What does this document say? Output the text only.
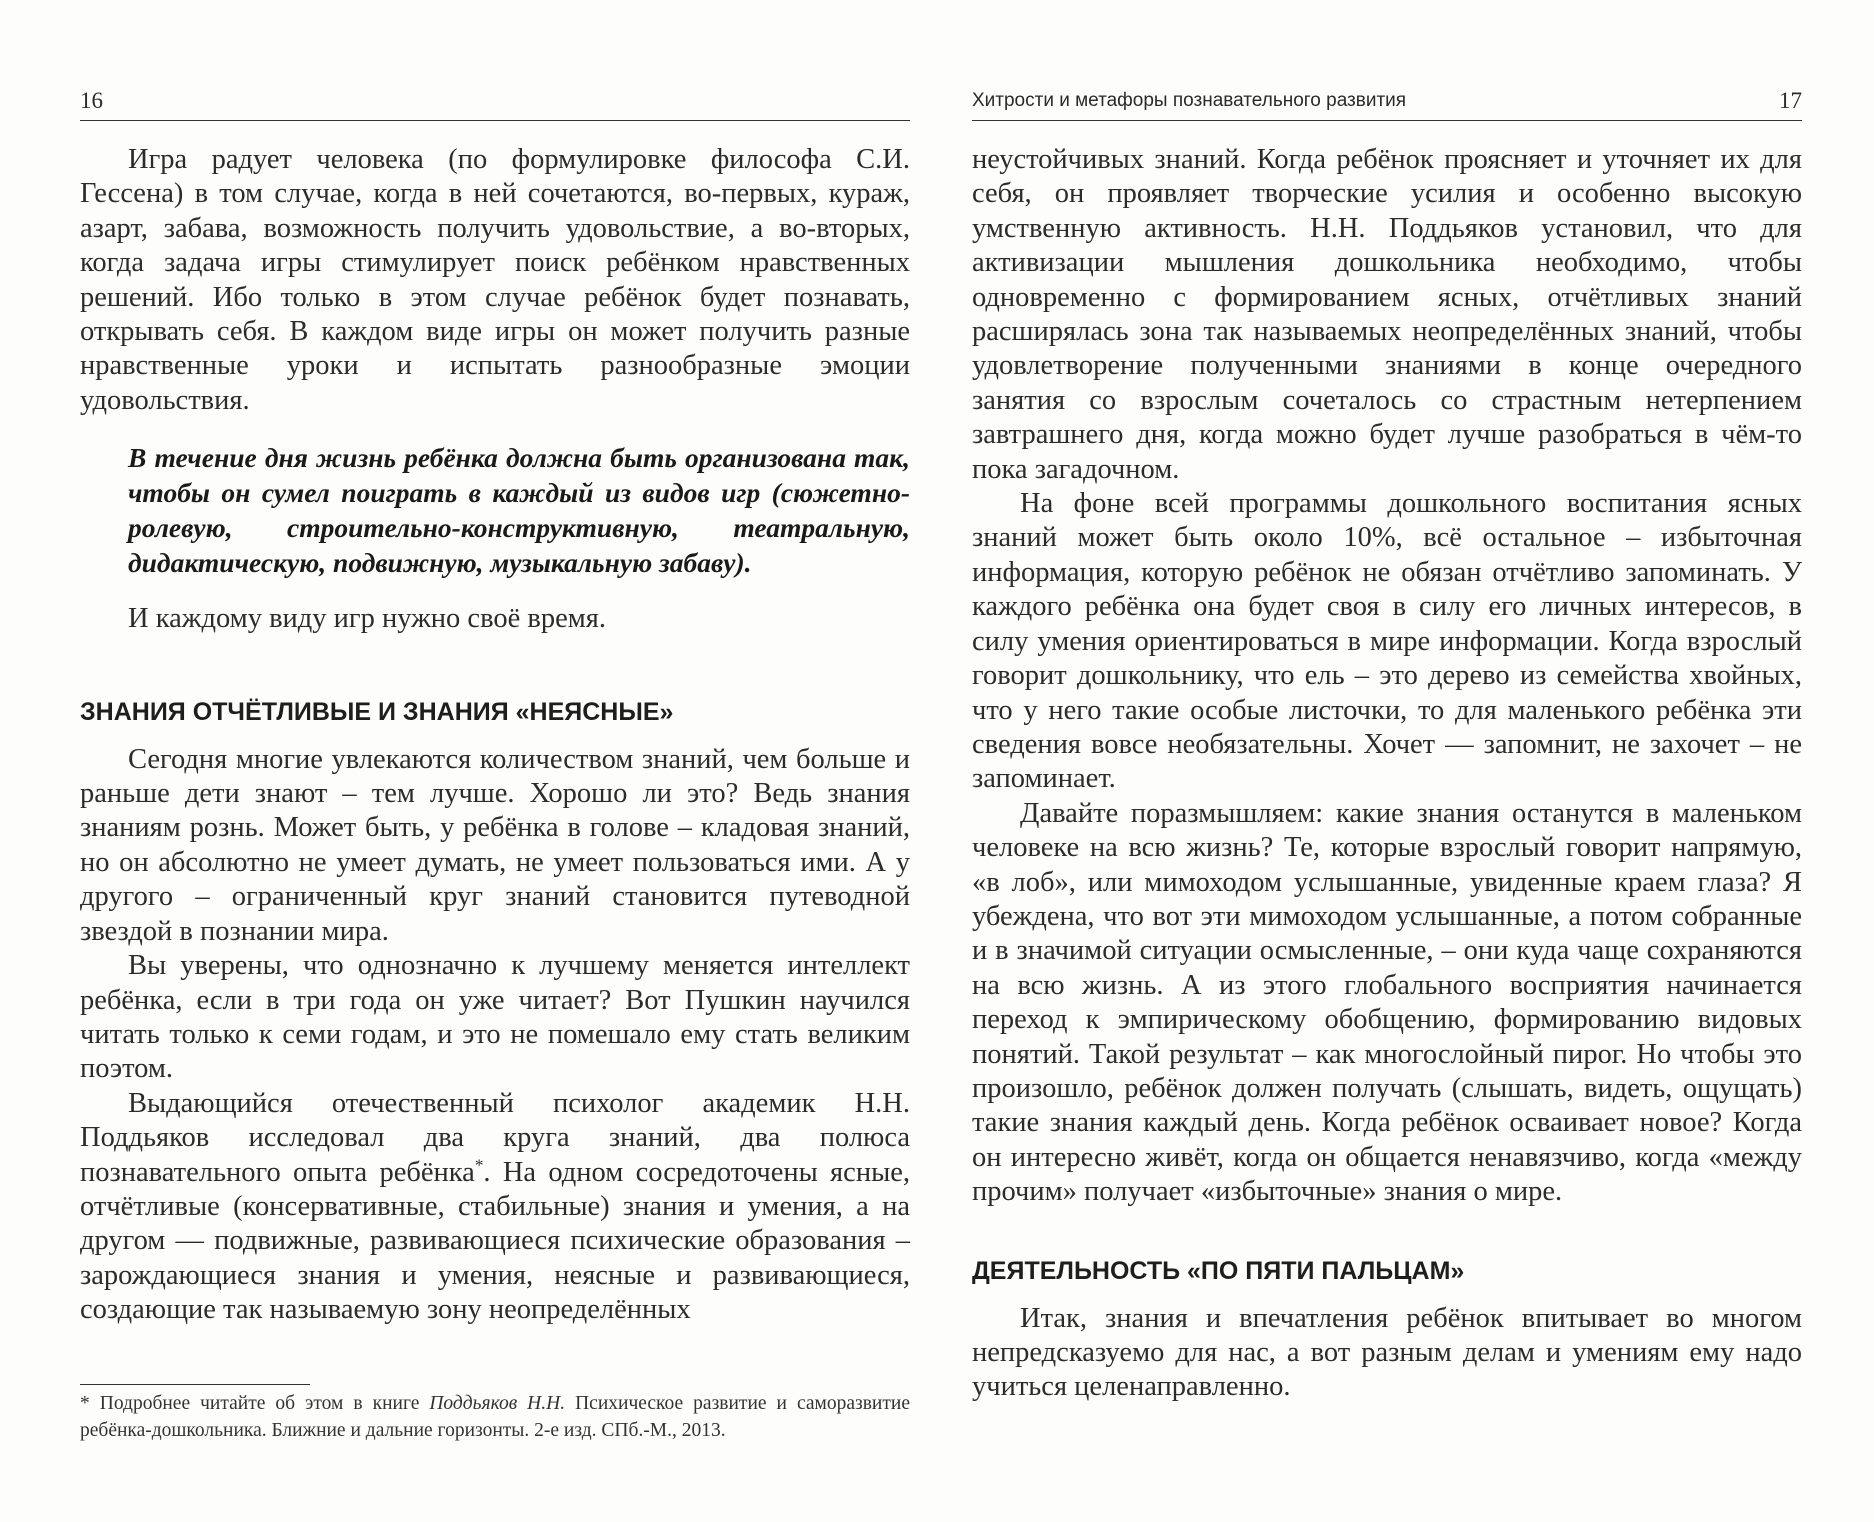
16

Игра радует человека (по формулировке философа С.И. Гессена) в том случае, когда в ней сочетаются, во-первых, кураж, азарт, забава, возможность получить удовольствие, а во-вторых, когда задача игры стимулирует поиск ребёнком нравственных решений. Ибо только в этом случае ребёнок будет познавать, открывать себя. В каждом виде игры он может получить разные нравственные уроки и испытать разнообразные эмоции удовольствия.

В течение дня жизнь ребёнка должна быть организована так, чтобы он сумел поиграть в каждый из видов игр (сюжетно-ролевую, строительно-конструктивную, театральную, дидактическую, подвижную, музыкальную забаву).

И каждому виду игр нужно своё время.

ЗНАНИЯ ОТЧЁТЛИВЫЕ И ЗНАНИЯ «НЕЯСНЫЕ»

Сегодня многие увлекаются количеством знаний, чем больше и раньше дети знают – тем лучше. Хорошо ли это? Ведь знания знаниям рознь. Может быть, у ребёнка в голове – кладовая знаний, но он абсолютно не умеет думать, не умеет пользоваться ими. А у другого – ограниченный круг знаний становится путеводной звездой в познании мира.

Вы уверены, что однозначно к лучшему меняется интеллект ребёнка, если в три года он уже читает? Вот Пушкин научился читать только к семи годам, и это не помешало ему стать великим поэтом.

Выдающийся отечественный психолог академик Н.Н. Поддьяков исследовал два круга знаний, два полюса познавательного опыта ребёнка*. На одном сосредоточены ясные, отчётливые (консервативные, стабильные) знания и умения, а на другом — подвижные, развивающиеся психические образования – зарождающиеся знания и умения, неясные и развивающиеся, создающие так называемую зону неопределённых

* Подробнее читайте об этом в книге Поддьяков Н.Н. Психическое развитие и саморазвитие ребёнка-дошкольника. Ближние и дальние горизонты. 2-е изд. СПб.-М., 2013.
Хитрости и метафоры познавательного развития	17

неустойчивых знаний. Когда ребёнок проясняет и уточняет их для себя, он проявляет творческие усилия и особенно высокую умственную активность. Н.Н. Поддьяков установил, что для активизации мышления дошкольника необходимо, чтобы одновременно с формированием ясных, отчётливых знаний расширялась зона так называемых неопределённых знаний, чтобы удовлетворение полученными знаниями в конце очередного занятия со взрослым сочеталось со страстным нетерпением завтрашнего дня, когда можно будет лучше разобраться в чём-то пока загадочном.

На фоне всей программы дошкольного воспитания ясных знаний может быть около 10%, всё остальное – избыточная информация, которую ребёнок не обязан отчётливо запоминать. У каждого ребёнка она будет своя в силу его личных интересов, в силу умения ориентироваться в мире информации. Когда взрослый говорит дошкольнику, что ель – это дерево из семейства хвойных, что у него такие особые листочки, то для маленького ребёнка эти сведения вовсе необязательны. Хочет — запомнит, не захочет – не запоминает.

Давайте поразмышляем: какие знания останутся в маленьком человеке на всю жизнь? Те, которые взрослый говорит напрямую, «в лоб», или мимоходом услышанные, увиденные краем глаза? Я убеждена, что вот эти мимоходом услышанные, а потом собранные и в значимой ситуации осмысленные, – они куда чаще сохраняются на всю жизнь. А из этого глобального восприятия начинается переход к эмпирическому обобщению, формированию видовых понятий. Такой результат – как многослойный пирог. Но чтобы это произошло, ребёнок должен получать (слышать, видеть, ощущать) такие знания каждый день. Когда ребёнок осваивает новое? Когда он интересно живёт, когда он общается ненавязчиво, когда «между прочим» получает «избыточные» знания о мире.

ДЕЯТЕЛЬНОСТЬ «ПО ПЯТИ ПАЛЬЦАМ»

Итак, знания и впечатления ребёнок впитывает во многом непредсказуемо для нас, а вот разным делам и умениям ему надо учиться целенаправленно.
